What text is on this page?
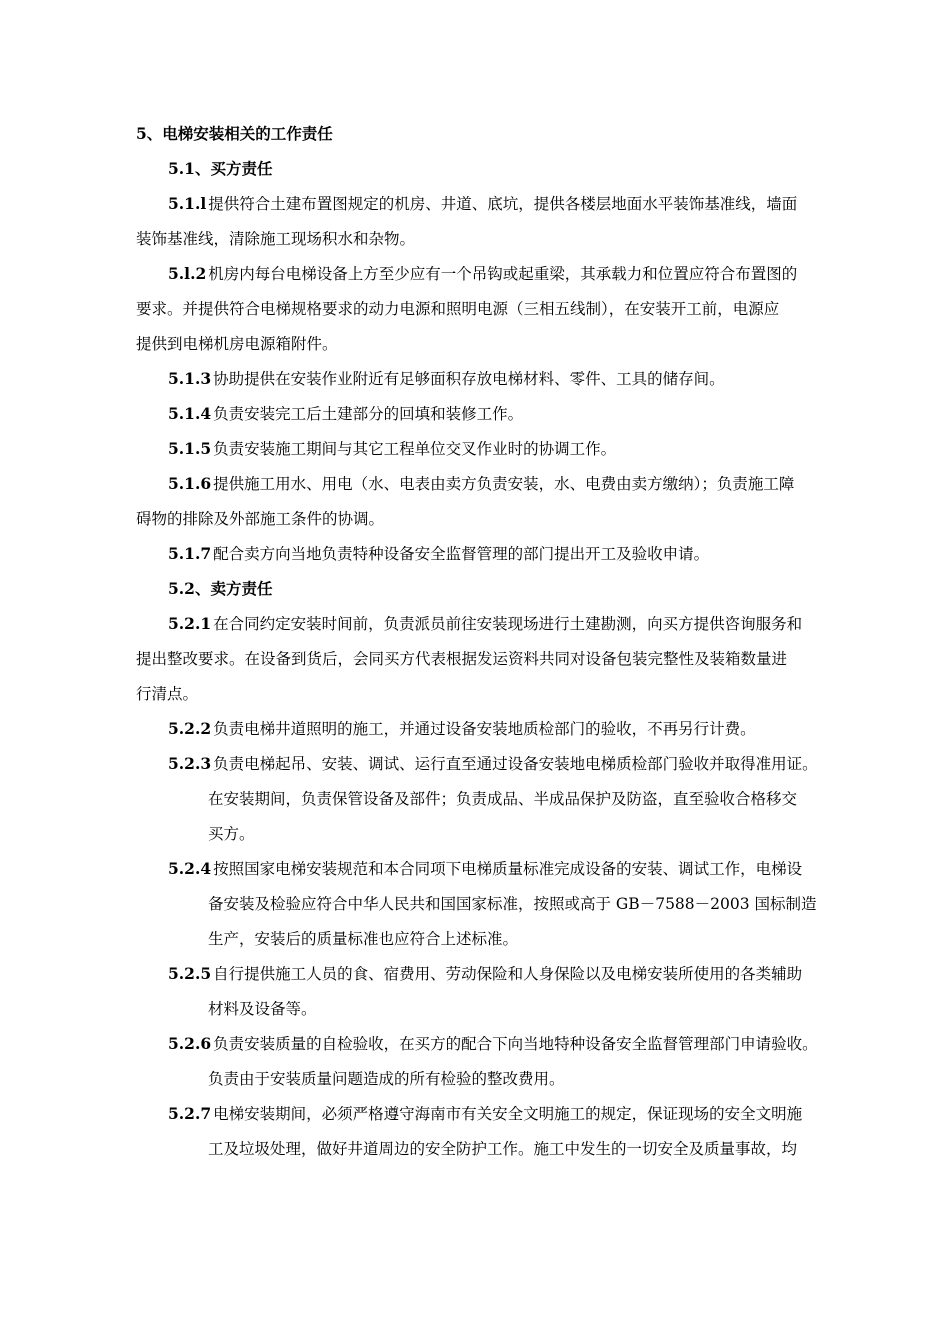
5、电梯安装相关的工作责任
5.1、买方责任
5.1.l 提供符合土建布置图规定的机房、井道、底坑，提供各楼层地面水平装饰基准线，墙面
装饰基准线，清除施工现场积水和杂物。
5.l.2 机房内每台电梯设备上方至少应有一个吊钩或起重梁，其承载力和位置应符合布置图的
要求。并提供符合电梯规格要求的动力电源和照明电源（三相五线制），在安装开工前，电源应
提供到电梯机房电源箱附件。
5.1.3 协助提供在安装作业附近有足够面积存放电梯材料、零件、工具的储存间。
5.1.4 负责安装完工后土建部分的回填和装修工作。
5.1.5 负责安装施工期间与其它工程单位交叉作业时的协调工作。
5.1.6 提供施工用水、用电（水、电表由卖方负责安装，水、电费由卖方缴纳）；负责施工障
碍物的排除及外部施工条件的协调。
5.1.7 配合卖方向当地负责特种设备安全监督管理的部门提出开工及验收申请。
5.2、卖方责任
5.2.1 在合同约定安装时间前，负责派员前往安装现场进行土建勘测，向买方提供咨询服务和
提出整改要求。在设备到货后，会同买方代表根据发运资料共同对设备包装完整性及装箱数量进
行清点。
5.2.2 负责电梯井道照明的施工，并通过设备安装地质检部门的验收，不再另行计费。
5.2.3 负责电梯起吊、安装、调试、运行直至通过设备安装地电梯质检部门验收并取得准用证。
在安装期间，负责保管设备及部件；负责成品、半成品保护及防盗，直至验收合格移交
买方。
5.2.4 按照国家电梯安装规范和本合同项下电梯质量标准完成设备的安装、调试工作，电梯设
备安装及检验应符合中华人民共和国国家标准，按照或高于 GB－7588－2003 国标制造
生产，安装后的质量标准也应符合上述标准。
5.2.5 自行提供施工人员的食、宿费用、劳动保险和人身保险以及电梯安装所使用的各类辅助
材料及设备等。
5.2.6 负责安装质量的自检验收，在买方的配合下向当地特种设备安全监督管理部门申请验收。
负责由于安装质量问题造成的所有检验的整改费用。
5.2.7 电梯安装期间，必须严格遵守海南市有关安全文明施工的规定，保证现场的安全文明施
工及垃圾处理，做好井道周边的安全防护工作。施工中发生的一切安全及质量事故，均
